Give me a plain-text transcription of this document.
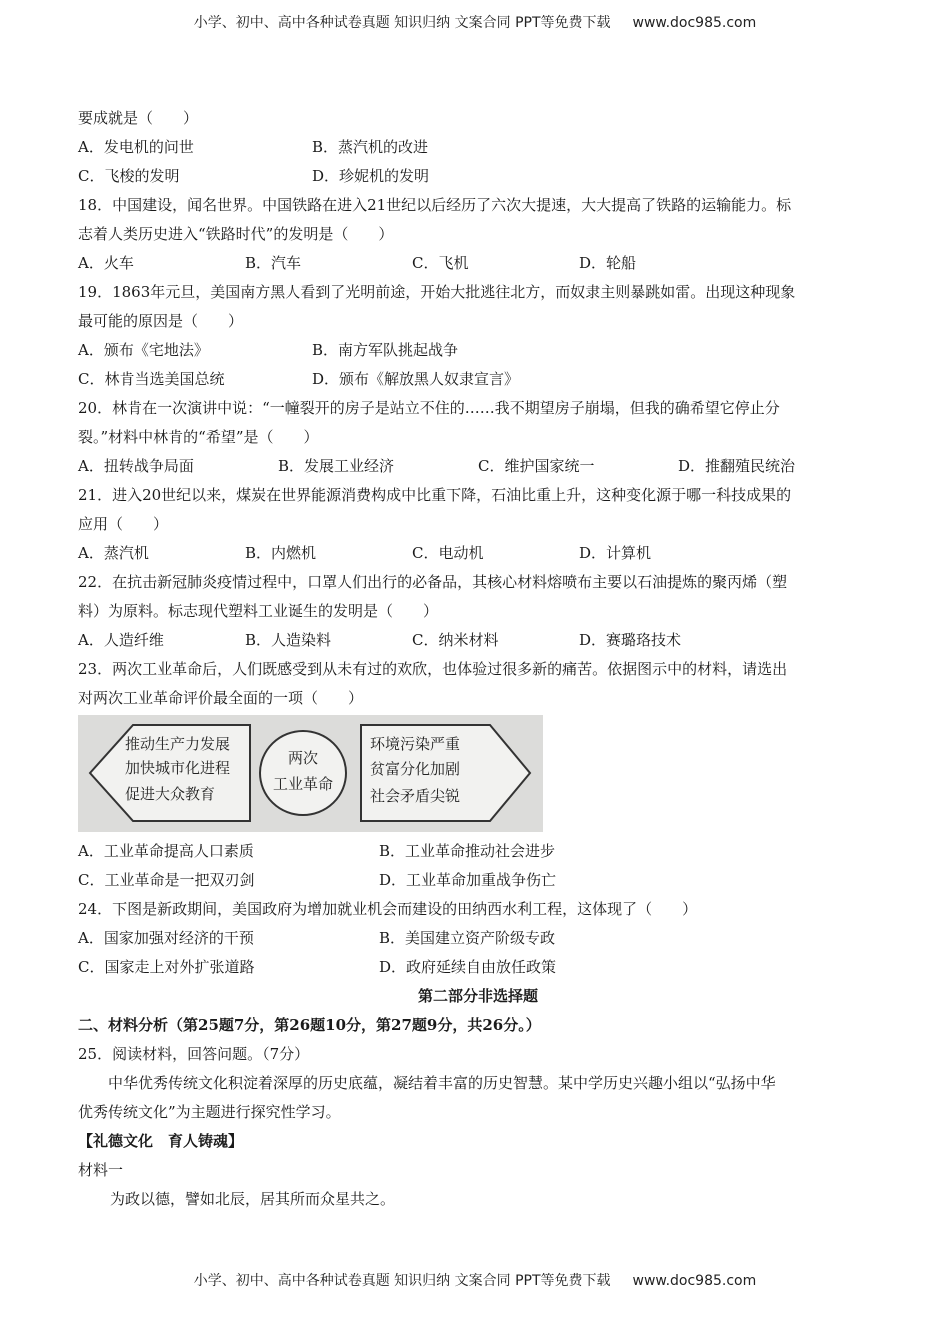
小学、初中、高中各种试卷真题 知识归纳 文案合同 PPT等免费下载 www.doc985.com
要成就是（　　）
A．发电机的问世	B．蒸汽机的改进
C．飞梭的发明	D．珍妮机的发明
18．中国建设，闻名世界。中国铁路在进入21世纪以后经历了六次大提速，大大提高了铁路的运输能力。标
志着人类历史进入“铁路时代”的发明是（　　）
A．火车	B．汽车	C．飞机	D．轮船
19．1863年元旦，美国南方黑人看到了光明前途，开始大批逃往北方，而奴隶主则暴跳如雷。出现这种现象
最可能的原因是（　　）
A．颁布《宅地法》	B．南方军队挑起战争
C．林肯当选美国总统	D．颁布《解放黑人奴隶宣言》
20．林肯在一次演讲中说：“一幢裂开的房子是站立不住的……我不期望房子崩塌，但我的确希望它停止分
裂。”材料中林肯的“希望”是（　　）
A．扭转战争局面	B．发展工业经济	C．维护国家统一	D．推翻殖民统治
21．进入20世纪以来，煤炭在世界能源消费构成中比重下降，石油比重上升，这种变化源于哪一科技成果的
应用（　　）
A．蒸汽机	B．内燃机	C．电动机	D．计算机
22．在抗击新冠肺炎疫情过程中，口罩人们出行的必备品，其核心材料熔喷布主要以石油提炼的聚丙烯（塑
料）为原料。标志现代塑料工业诞生的发明是（　　）
A．人造纤维	B．人造染料	C．纳米材料	D．赛璐珞技术
23．两次工业革命后，人们既感受到从未有过的欢欣，也体验过很多新的痛苦。依据图示中的材料，请选出
对两次工业革命评价最全面的一项（　　）
推动生产力发展
加快城市化进程
促进大众教育
两次
工业革命
环境污染严重
贫富分化加剧
社会矛盾尖锐
A．工业革命提高人口素质	B．工业革命推动社会进步
C．工业革命是一把双刃剑	D．工业革命加重战争伤亡
24．下图是新政期间，美国政府为增加就业机会而建设的田纳西水利工程，这体现了（　　）
A．国家加强对经济的干预	B．美国建立资产阶级专政
C．国家走上对外扩张道路	D．政府延续自由放任政策
第二部分非选择题
二、材料分析（第25题7分，第26题10分，第27题9分，共26分。）
25．阅读材料，回答问题。（7分）
中华优秀传统文化积淀着深厚的历史底蕴，凝结着丰富的历史智慧。某中学历史兴趣小组以“弘扬中华
优秀传统文化”为主题进行探究性学习。
【礼德文化　育人铸魂】
材料一
为政以德，譬如北辰，居其所而众星共之。
小学、初中、高中各种试卷真题 知识归纳 文案合同 PPT等免费下载 www.doc985.com
